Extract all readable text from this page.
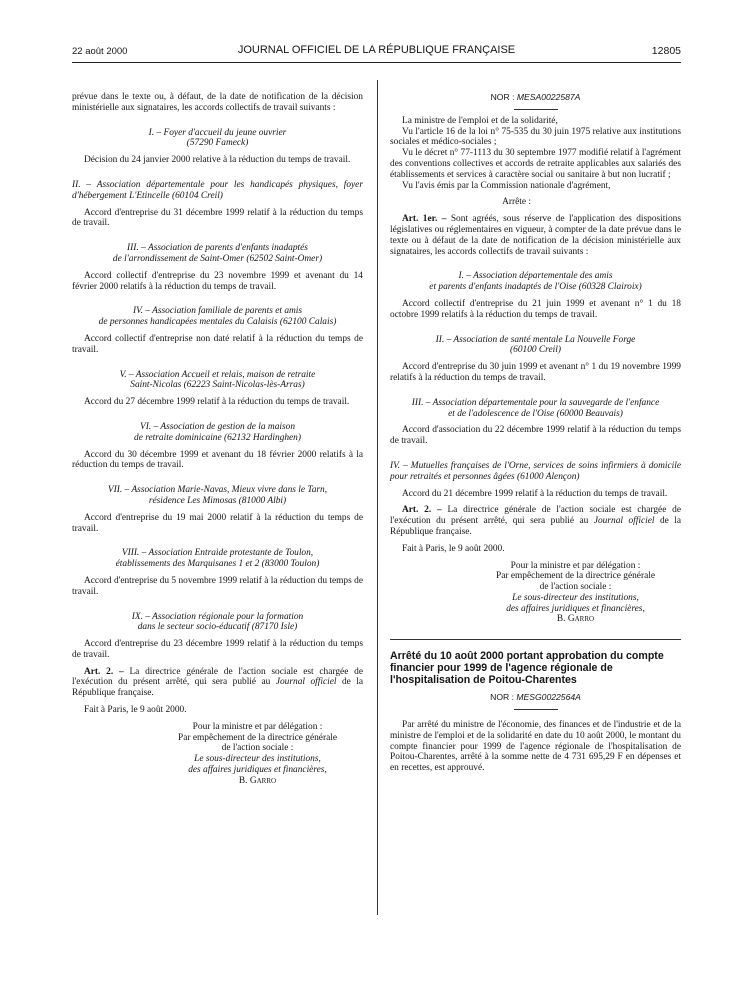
22 août 2000	JOURNAL OFFICIEL DE LA RÉPUBLIQUE FRANÇAISE	12805

prévue dans le texte ou, à défaut, de la date de notification de la décision ministérielle aux signataires, les accords collectifs de travail suivants :

I. – Foyer d'accueil du jeune ouvrier
(57290 Fameck)

Décision du 24 janvier 2000 relative à la réduction du temps de travail.

II. – Association départementale pour les handicapés physiques, foyer d'hébergement L'Etincelle (60104 Creil)

Accord d'entreprise du 31 décembre 1999 relatif à la réduction du temps de travail.

III. – Association de parents d'enfants inadaptés
de l'arrondissement de Saint-Omer (62502 Saint-Omer)

Accord collectif d'entreprise du 23 novembre 1999 et avenant du 14 février 2000 relatifs à la réduction du temps de travail.

IV. – Association familiale de parents et amis
de personnes handicapées mentales du Calaisis (62100 Calais)

Accord collectif d'entreprise non daté relatif à la réduction du temps de travail.

V. – Association Accueil et relais, maison de retraite
Saint-Nicolas (62223 Saint-Nicolas-lès-Arras)

Accord du 27 décembre 1999 relatif à la réduction du temps de travail.

VI. – Association de gestion de la maison
de retraite dominicaine (62132 Hardinghen)

Accord du 30 décembre 1999 et avenant du 18 février 2000 relatifs à la réduction du temps de travail.

VII. – Association Marie-Navas, Mieux vivre dans le Tarn,
résidence Les Mimosas (81000 Albi)

Accord d'entreprise du 19 mai 2000 relatif à la réduction du temps de travail.

VIII. – Association Entraide protestante de Toulon,
établissements des Marquisanes 1 et 2 (83000 Toulon)

Accord d'entreprise du 5 novembre 1999 relatif à la réduction du temps de travail.

IX. – Association régionale pour la formation
dans le secteur socio-éducatif (87170 Isle)

Accord d'entreprise du 23 décembre 1999 relatif à la réduction du temps de travail.

Art. 2. – La directrice générale de l'action sociale est chargée de l'exécution du présent arrêté, qui sera publié au Journal officiel de la République française.

Fait à Paris, le 9 août 2000.

Pour la ministre et par délégation :
Par empêchement de la directrice générale
de l'action sociale :
Le sous-directeur des institutions,
des affaires juridiques et financières,
B. Garro

NOR : MESA0022587A

La ministre de l'emploi et de la solidarité,

Vu l'article 16 de la loi n° 75-535 du 30 juin 1975 relative aux institutions sociales et médico-sociales ;

Vu le décret n° 77-1113 du 30 septembre 1977 modifié relatif à l'agrément des conventions collectives et accords de retraite applicables aux salariés des établissements et services à caractère social ou sanitaire à but non lucratif ;

Vu l'avis émis par la Commission nationale d'agrément,

Arrête :

Art. 1er. – Sont agréés, sous réserve de l'application des dispositions législatives ou réglementaires en vigueur, à compter de la date prévue dans le texte ou à défaut de la date de notification de la décision ministérielle aux signataires, les accords collectifs de travail suivants :

I. – Association départementale des amis
et parents d'enfants inadaptés de l'Oise (60328 Clairoix)

Accord collectif d'entreprise du 21 juin 1999 et avenant n° 1 du 18 octobre 1999 relatifs à la réduction du temps de travail.

II. – Association de santé mentale La Nouvelle Forge
(60100 Creil)

Accord d'entreprise du 30 juin 1999 et avenant n° 1 du 19 novembre 1999 relatifs à la réduction du temps de travail.

III. – Association départementale pour la sauvegarde de l'enfance
et de l'adolescence de l'Oise (60000 Beauvais)

Accord d'association du 22 décembre 1999 relatif à la réduction du temps de travail.

IV. – Mutuelles françaises de l'Orne, services de soins infirmiers à domicile pour retraités et personnes âgées (61000 Alençon)

Accord du 21 décembre 1999 relatif à la réduction du temps de travail.

Art. 2. – La directrice générale de l'action sociale est chargée de l'exécution du présent arrêté, qui sera publié au Journal officiel de la République française.

Fait à Paris, le 9 août 2000.

Pour la ministre et par délégation :
Par empêchement de la directrice générale
de l'action sociale :
Le sous-directeur des institutions,
des affaires juridiques et financières,
B. Garro

Arrêté du 10 août 2000 portant approbation du compte financier pour 1999 de l'agence régionale de l'hospitalisation de Poitou-Charentes

NOR : MESG0022564A

Par arrêté du ministre de l'économie, des finances et de l'industrie et de la ministre de l'emploi et de la solidarité en date du 10 août 2000, le montant du compte financier pour 1999 de l'agence régionale de l'hospitalisation de Poitou-Charentes, arrêté à la somme nette de 4 731 695,29 F en dépenses et en recettes, est approuvé.
